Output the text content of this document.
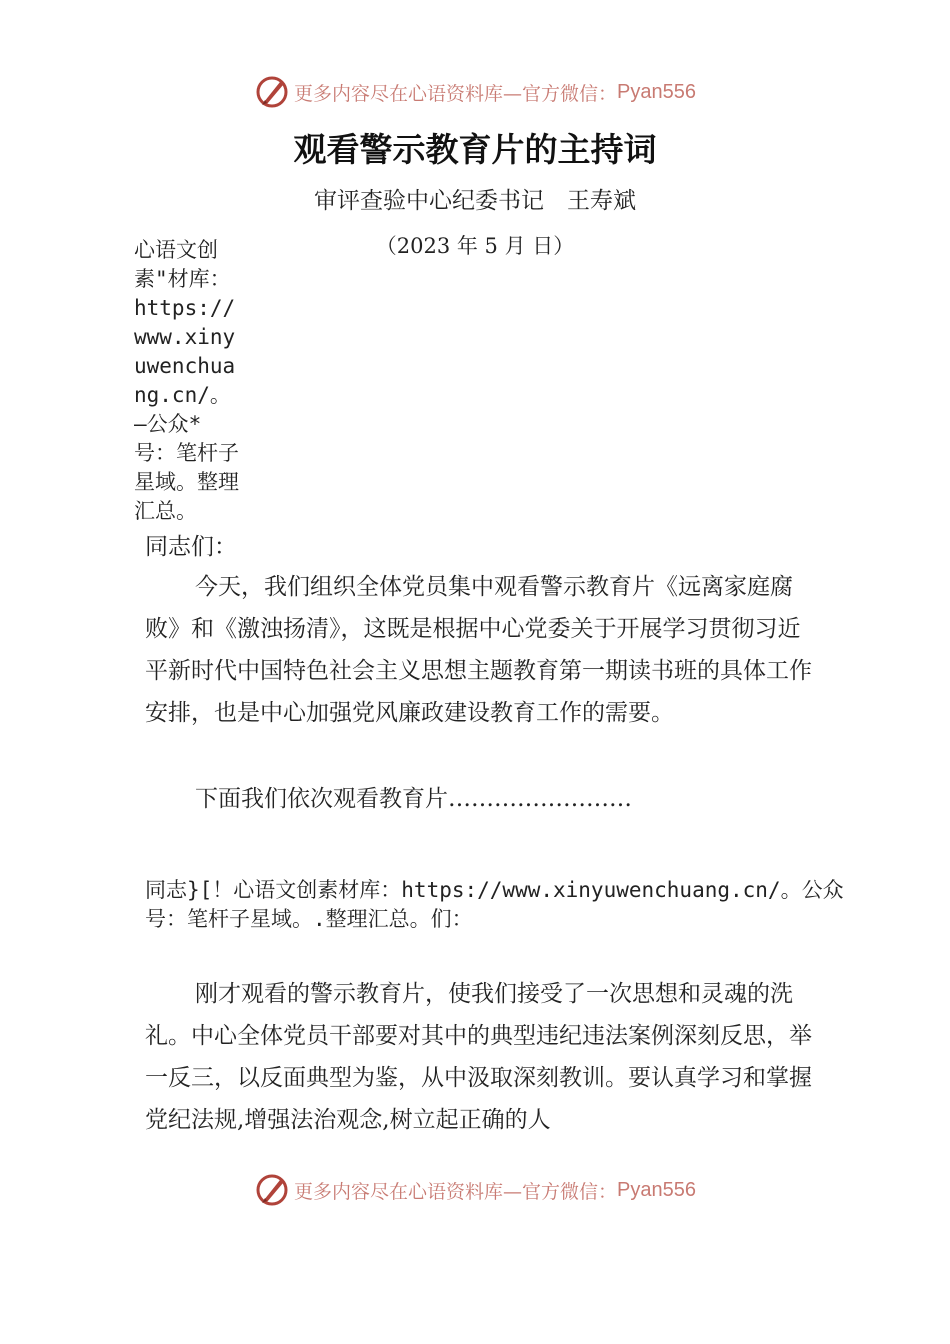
更多内容尽在心语资料库—官方微信： Pyan556
观看警示教育片的主持词
审评查验中心纪委书记　王寿斌
（2023 年 5 月 日）
心语文创素"材库：https://www.xinyuwenchuang.cn/。—公众*号：笔杆子星域。整理汇总。

同志们：

今天，我们组织全体党员集中观看警示教育片《远离家庭腐败》和《激浊扬清》，这既是根据中心党委关于开展学习贯彻习近平新时代中国特色社会主义思想主题教育第一期读书班的具体工作安排，也是中心加强党风廉政建设教育工作的需要。

下面我们依次观看教育片……………………

同志}[！心语文创素材库：https://www.xinyuwenchuang.cn/。公众号：笔杆子星域。.整理汇总。们：

刚才观看的警示教育片，使我们接受了一次思想和灵魂的洗礼。中心全体党员干部要对其中的典型违纪违法案例深刻反思，举一反三，以反面典型为鉴，从中汲取深刻教训。要认真学习和掌握党纪法规,增强法治观念,树立起正确的人

更多内容尽在心语资料库—官方微信： Pyan556
